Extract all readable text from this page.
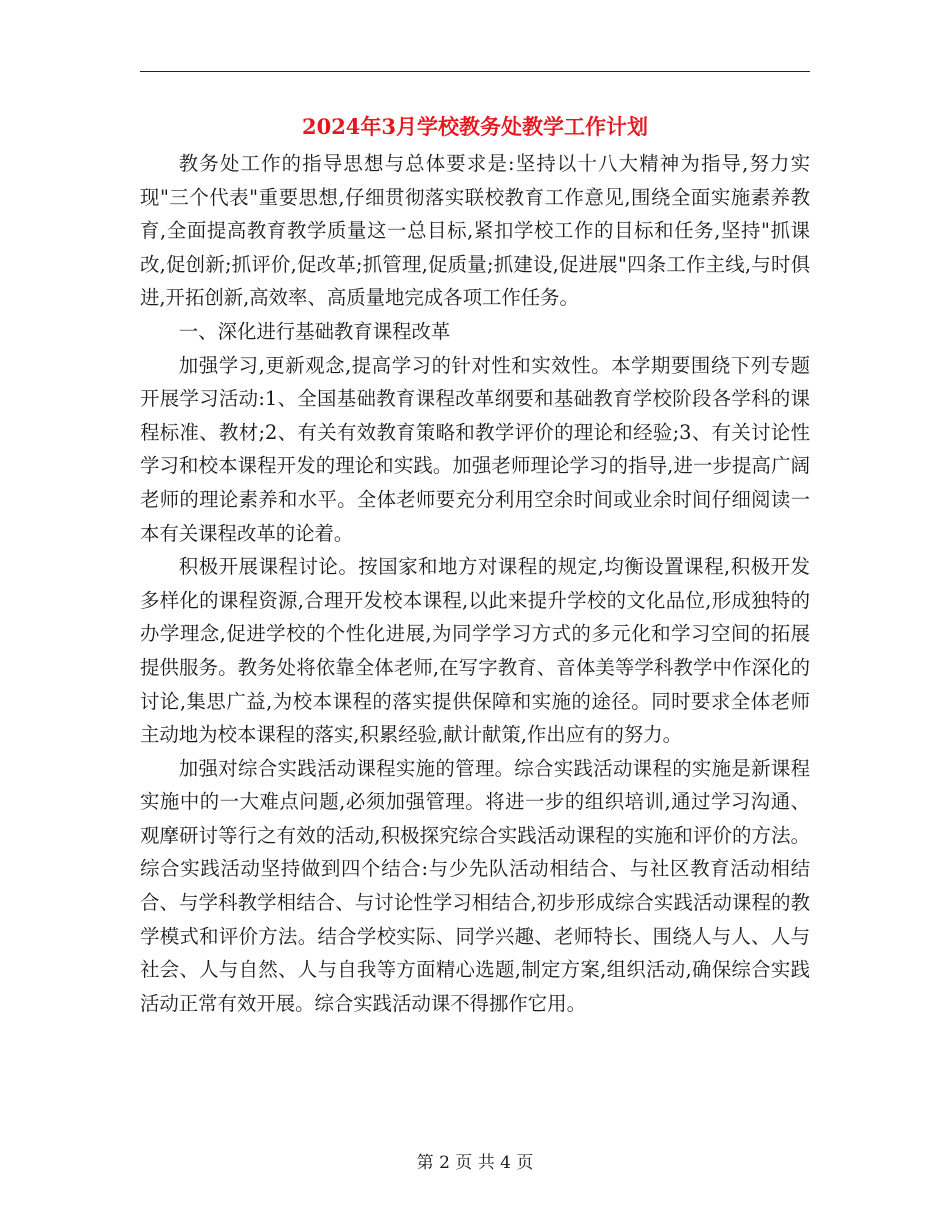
2024年3月学校教务处教学工作计划

教务处工作的指导思想与总体要求是:坚持以十八大精神为指导,努力实现"三个代表"重要思想,仔细贯彻落实联校教育工作意见,围绕全面实施素养教育,全面提高教育教学质量这一总目标,紧扣学校工作的目标和任务,坚持"抓课改,促创新;抓评价,促改革;抓管理,促质量;抓建设,促进展"四条工作主线,与时俱进,开拓创新,高效率、高质量地完成各项工作任务。

一、深化进行基础教育课程改革

加强学习,更新观念,提高学习的针对性和实效性。本学期要围绕下列专题开展学习活动:1、全国基础教育课程改革纲要和基础教育学校阶段各学科的课程标准、教材;2、有关有效教育策略和教学评价的理论和经验;3、有关讨论性学习和校本课程开发的理论和实践。加强老师理论学习的指导,进一步提高广阔老师的理论素养和水平。全体老师要充分利用空余时间或业余时间仔细阅读一本有关课程改革的论着。

积极开展课程讨论。按国家和地方对课程的规定,均衡设置课程,积极开发多样化的课程资源,合理开发校本课程,以此来提升学校的文化品位,形成独特的办学理念,促进学校的个性化进展,为同学学习方式的多元化和学习空间的拓展提供服务。教务处将依靠全体老师,在写字教育、音体美等学科教学中作深化的讨论,集思广益,为校本课程的落实提供保障和实施的途径。同时要求全体老师主动地为校本课程的落实,积累经验,献计献策,作出应有的努力。

加强对综合实践活动课程实施的管理。综合实践活动课程的实施是新课程实施中的一大难点问题,必须加强管理。将进一步的组织培训,通过学习沟通、观摩研讨等行之有效的活动,积极探究综合实践活动课程的实施和评价的方法。综合实践活动坚持做到四个结合:与少先队活动相结合、与社区教育活动相结合、与学科教学相结合、与讨论性学习相结合,初步形成综合实践活动课程的教学模式和评价方法。结合学校实际、同学兴趣、老师特长、围绕人与人、人与社会、人与自然、人与自我等方面精心选题,制定方案,组织活动,确保综合实践活动正常有效开展。综合实践活动课不得挪作它用。

第 2 页 共 4 页
